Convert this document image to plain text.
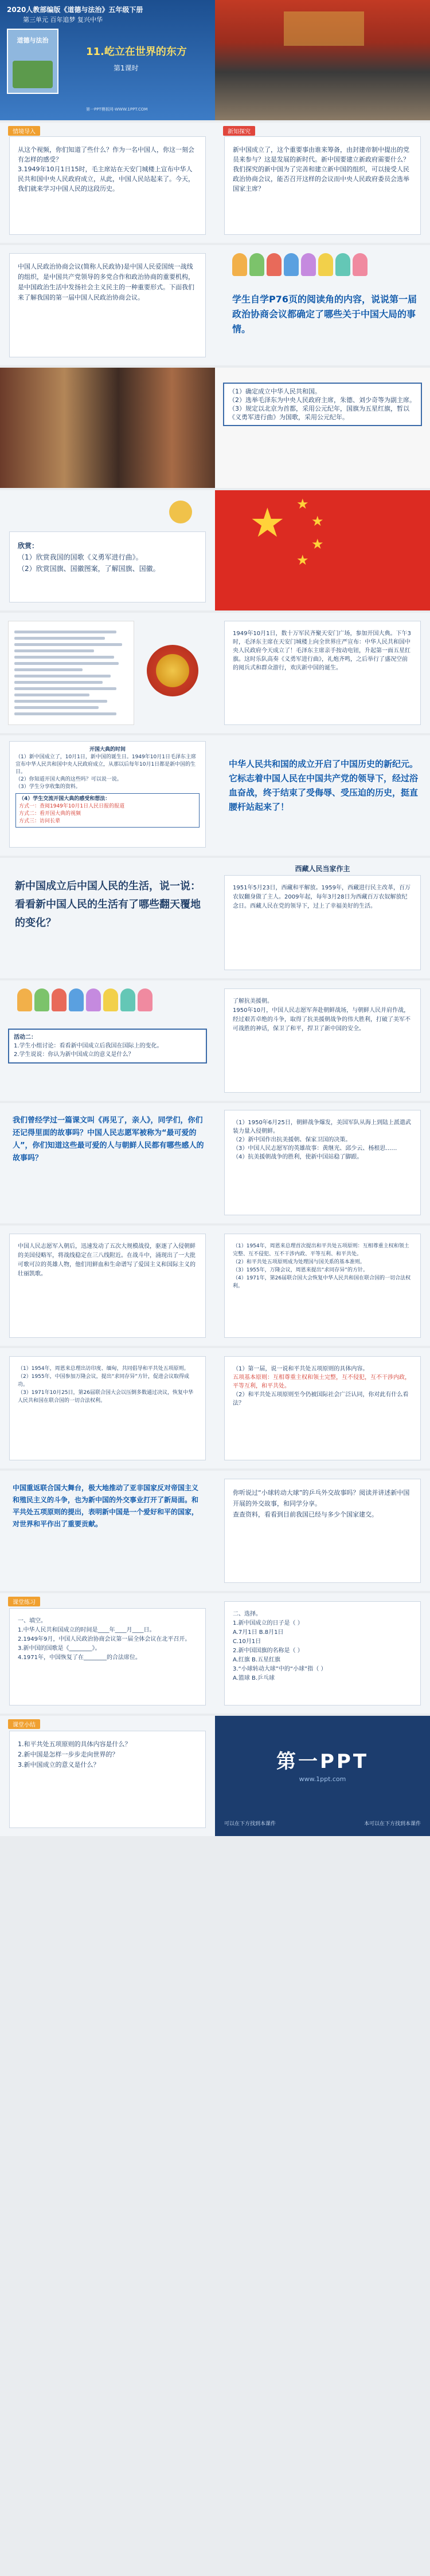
2020人教部编版《道德与法治》五年级下册
第三单元 百年追梦 复兴中华
道德与法治
11.屹立在世界的东方
第1课时
第一PPT模板网-WWW.1PPT.COM
情境导入
从这个视频，你们知道了些什么？作为一名中国人，你这一刻会有怎样的感受？
3.1949年10月1日15时，毛主席站在天安门城楼上宣布中华人民共和国中央人民政府成立，从此，中国人民站起来了。今天，我们就来学习中国人民的这段历史。
新知探究
新中国成立了，这个重要事由谁来筹备，由封建帝制中提出的党员来参与？这是发展的新时代。新中国要建立新政府需要什么？我们探究的新中国为了完善和建立新中国的组织，可以接受人民政治协商会议，能否召开这样的会议而中央人民政府委员会选举国家主席？
中国人民政治协商会议(简称人民政协)是中国人民爱国统一战线的组织，是中国共产党领导的多党合作和政治协商的重要机构，是中国政治生活中发扬社会主义民主的一种重要形式。下面我们来了解我国的第一届中国人民政治协商会议。	学生自学P76页的阅读角的内容，说说第一届政治协商会议都确定了哪些关于中国大局的事情。
（1）确定成立中华人民共和国。
（2）选举毛泽东为中央人民政府主席，朱德、刘少奇等为副主席。
（3）规定以北京为首都，采用公元纪年，国旗为五星红旗，暂以《义勇军进行曲》为国歌，采用公元纪年。
欣赏：
（1）欣赏我国的国歌《义勇军进行曲》。
（2）欣赏国旗、国徽图案，了解国旗、国徽。
★ ★
★
★
★
1949年10月1日，数十万军民齐聚天安门广场，参加开国大典。下午3时，毛泽东主席在天安门城楼上向全世界庄严宣布：中华人民共和国中央人民政府今天成立了！毛泽东主席亲手按动电钮，升起第一面五星红旗。这时乐队高奏《义勇军进行曲》，礼炮齐鸣，之后举行了盛况空前的阅兵式和群众游行，欢庆新中国的诞生。
开国大典的时间
（1）新中国成立了，10月1日，新中国的诞生日。1949年10月1日毛泽东主席宣布中华人民共和国中央人民政府成立，从那以后每年10月1日都是新中国的生日。
（2）你知道开国大典的这些吗？可以说一说。
（3）学生分享收集的资料。
（4）学生交流开国大典的感受和想法：
方式一：查阅1949年10月1日人民日报的报道
方式二：看开国大典的视频
方式三：访问长辈
中华人民共和国的成立开启了中国历史的新纪元。它标志着中国人民在中国共产党的领导下，经过浴血奋战，终于结束了受侮辱、受压迫的历史，挺直腰杆站起来了！
新中国成立后中国人民的生活，说一说：看看新中国人民的生活有了哪些翻天覆地的变化？
西藏人民当家作主
1951年5月23日，西藏和平解放。1959年，西藏进行民主改革，百万农奴翻身做了主人。2009年起，每年3月28日为西藏百万农奴解放纪念日。西藏人民在党的领导下，过上了幸福美好的生活。
活动二：
1.学生小组讨论：看看新中国成立后我国在国际上的变化。
2.学生说说：你认为新中国成立的意义是什么？
了解抗美援朝。
1950年10月，中国人民志愿军奔赴朝鲜战场，与朝鲜人民并肩作战，经过艰苦卓绝的斗争，取得了抗美援朝战争的伟大胜利，打破了美军不可战胜的神话，保卫了和平，捍卫了新中国的安全。
我们曾经学过一篇课文叫《再见了，亲人》，同学们，你们还记得里面的故事吗？中国人民志愿军被称为“最可爱的人”，你们知道这些最可爱的人与朝鲜人民都有哪些感人的故事吗？
（1）1950年6月25日，朝鲜战争爆发，美国军队从海上到陆上派遣武装力量入侵朝鲜。
（2）新中国作出抗美援朝、保家卫国的决策。
（3）中国人民志愿军的英雄故事：黄继光、邱少云、杨根思……
（4）抗美援朝战争的胜利，使新中国站稳了脚跟。
中国人民志愿军入朝后，迅速发动了五次大规模战役，驱逐了入侵朝鲜的美国侵略军，将战线稳定在三八线附近。在战斗中，涌现出了一大批可歌可泣的英雄人物，他们用鲜血和生命谱写了爱国主义和国际主义的壮丽凯歌。
（1）1954年，周恩来总理首次提出和平共处五项原则：互相尊重主权和领土完整、互不侵犯、互不干涉内政、平等互利、和平共处。
（2）和平共处五项原则成为处理国与国关系的基本准则。
（3）1955年，万隆会议，周恩来提出“求同存异”的方针。
（4）1971年，第26届联合国大会恢复中华人民共和国在联合国的一切合法权利。
（1）1954年，周恩来总理出访印度、缅甸，共同倡导和平共处五项原则。
（2）1955年，中国参加万隆会议，提出“求同存异”方针，促进会议取得成功。
（3）1971年10月25日，第26届联合国大会以压倒多数通过决议，恢复中华人民共和国在联合国的一切合法权利。
（1）第一届，说一说和平共处五项原则的具体内容。
五项基本原则：互相尊重主权和领土完整，互不侵犯，互不干涉内政，平等互利，和平共处。
（2）和平共处五项原则至今仍被国际社会广泛认同，你对此有什么看法？
中国重返联合国大舞台，极大地推动了亚非国家反对帝国主义和殖民主义的斗争，也为新中国的外交事业打开了新局面。和平共处五项原则的提出，表明新中国是一个爱好和平的国家，对世界和平作出了重要贡献。
你听说过“小球转动大球”的乒乓外交故事吗？阅读并讲述新中国开展的外交故事，和同学分享。
查查资料，看看到目前我国已经与多少个国家建交。
课堂练习
一、填空。
1.中华人民共和国成立的时间是____年____月____日。
2.1949年9月，中国人民政治协商会议第一届全体会议在北平召开。
3.新中国的国歌是《________》。
4.1971年，中国恢复了在________的合法席位。
二、选择。
1.新中国成立的日子是（ ）
A.7月1日 B.8月1日
C.10月1日
2.新中国国旗的名称是（ ）
A.红旗 B.五星红旗
3.“小球转动大球”中的“小球”指（ ）
A.篮球 B.乒乓球
课堂小结
1.和平共处五项原则的具体内容是什么？
2.新中国是怎样一步步走向世界的？
3.新中国成立的意义是什么？	第一PPT
www.1ppt.com
可以在下方找到本课件	本可以在下方找到本课件
